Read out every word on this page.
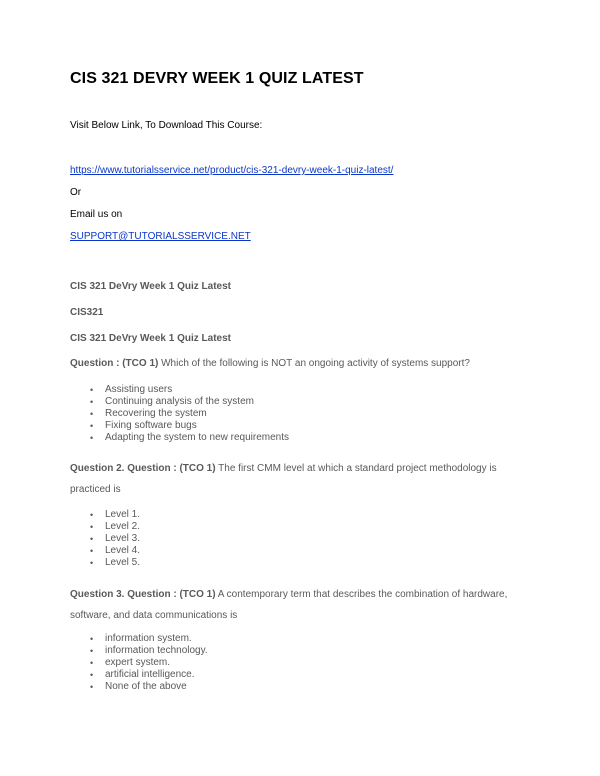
CIS 321 DEVRY WEEK 1 QUIZ LATEST
Visit Below Link, To Download This Course:
https://www.tutorialsservice.net/product/cis-321-devry-week-1-quiz-latest/
Or
Email us on
SUPPORT@TUTORIALSSERVICE.NET
CIS 321 DeVry Week 1 Quiz Latest
CIS321
CIS 321 DeVry Week 1 Quiz Latest
Question : (TCO 1) Which of the following is NOT an ongoing activity of systems support?
• Assisting users
• Continuing analysis of the system
• Recovering the system
• Fixing software bugs
• Adapting the system to new requirements
Question 2. Question : (TCO 1) The first CMM level at which a standard project methodology is
practiced is
• Level 1.
• Level 2.
• Level 3.
• Level 4.
• Level 5.
Question 3. Question : (TCO 1) A contemporary term that describes the combination of hardware,
software, and data communications is
• information system.
• information technology.
• expert system.
• artificial intelligence.
• None of the above
